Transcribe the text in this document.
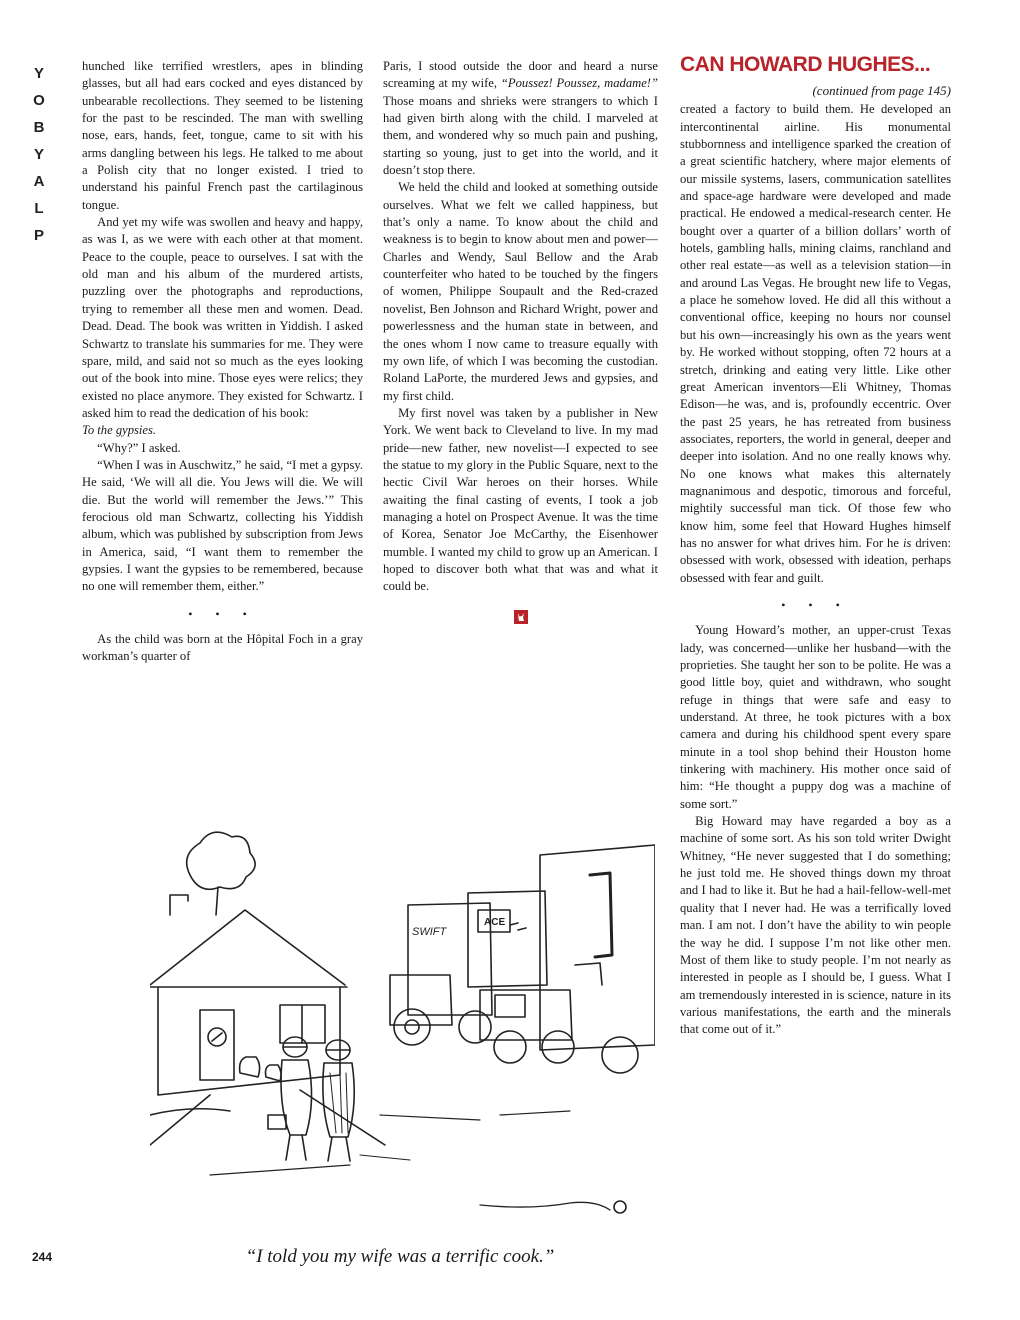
Y
O
B
Y
A
L
P

hunched like terrified wrestlers, apes in blinding glasses, but all had ears cocked and eyes distanced by unbearable recollections. They seemed to be listening for the past to be rescinded. The man with swelling nose, ears, hands, feet, tongue, came to sit with his arms dangling between his legs. He talked to me about a Polish city that no longer existed. I tried to understand his painful French past the cartilaginous tongue.

And yet my wife was swollen and heavy and happy, as was I, as we were with each other at that moment. Peace to the couple, peace to ourselves. I sat with the old man and his album of the murdered artists, puzzling over the photographs and reproductions, trying to remember all these men and women. Dead. Dead. Dead. The book was written in Yiddish. I asked Schwartz to translate his summaries for me. They were spare, mild, and said not so much as the eyes looking out of the book into mine. Those eyes were relics; they existed no place anymore. They existed for Schwartz. I asked him to read the dedication of his book:

To the gypsies.

“Why?” I asked.

“When I was in Auschwitz,” he said, “I met a gypsy. He said, ‘We will all die. You Jews will die. We will die. But the world will remember the Jews.’” This ferocious old man Schwartz, collecting his Yiddish album, which was published by subscription from Jews in America, said, “I want them to remember the gypsies. I want the gypsies to be remembered, because no one will remember them, either.”

• • •

As the child was born at the Hôpital Foch in a gray workman’s quarter of

Paris, I stood outside the door and heard a nurse screaming at my wife, “Poussez! Poussez, madame!” Those moans and shrieks were strangers to which I had given birth along with the child. I marveled at them, and wondered why so much pain and pushing, starting so young, just to get into the world, and it doesn’t stop there.

We held the child and looked at something outside ourselves. What we felt we called happiness, but that’s only a name. To know about the child and weakness is to begin to know about men and power—Charles and Wendy, Saul Bellow and the Arab counterfeiter who hated to be touched by the fingers of women, Philippe Soupault and the Red-crazed novelist, Ben Johnson and Richard Wright, power and powerlessness and the human state in between, and the ones whom I now came to treasure equally with my own life, of which I was becoming the custodian. Roland LaPorte, the murdered Jews and gypsies, and my first child.

My first novel was taken by a publisher in New York. We went back to Cleveland to live. In my mad pride—new father, new novelist—I expected to see the statue to my glory in the Public Square, next to the hectic Civil War heroes on their horses. While awaiting the final casting of events, I took a job managing a hotel on Prospect Avenue. It was the time of Korea, Senator Joe McCarthy, the Eisenhower mumble. I wanted my child to grow up an American. I hoped to discover both what that was and what it could be.

CAN HOWARD HUGHES...
(continued from page 145)

created a factory to build them. He developed an intercontinental airline. His monumental stubbornness and intelligence sparked the creation of a great scientific hatchery, where major elements of our missile systems, lasers, communication satellites and space-age hardware were developed and made practical. He endowed a medical-research center. He bought over a quarter of a billion dollars’ worth of hotels, gambling halls, mining claims, ranchland and other real estate—as well as a television station—in and around Las Vegas. He brought new life to Vegas, a place he somehow loved. He did all this without a conventional office, keeping no hours nor counsel but his own—increasingly his own as the years went by. He worked without stopping, often 72 hours at a stretch, drinking and eating very little. Like other great American inventors—Eli Whitney, Thomas Edison—he was, and is, profoundly eccentric. Over the past 25 years, he has retreated from business associates, reporters, the world in general, deeper and deeper into isolation. And no one really knows why. No one knows what makes this alternately magnanimous and despotic, timorous and forceful, mightily successful man tick. Of those few who know him, some feel that Howard Hughes himself has no answer for what drives him. For he is driven: obsessed with work, obsessed with ideation, perhaps obsessed with fear and guilt.

• • •

Young Howard’s mother, an upper-crust Texas lady, was concerned—unlike her husband—with the proprieties. She taught her son to be polite. He was a good little boy, quiet and withdrawn, who sought refuge in things that were safe and easy to understand. At three, he took pictures with a box camera and during his childhood spent every spare minute in a tool shop behind their Houston home tinkering with machinery. His mother once said of him: “He thought a puppy dog was a machine of some sort.”

Big Howard may have regarded a boy as a machine of some sort. As his son told writer Dwight Whitney, “He never suggested that I do something; he just told me. He shoved things down my throat and I had to like it. But he had a hail-fellow-well-met quality that I never had. He was a terrifically loved man. I am not. I don’t have the ability to win people the way he did. I suppose I’m not like other men. Most of them like to study people. I’m not nearly as interested in people as I should be, I guess. What I am tremendously interested in is science, nature in its various manifestations, the earth and the minerals that come out of it.”

SWIFT
ACE
“I told you my wife was a terrific cook.”
244
